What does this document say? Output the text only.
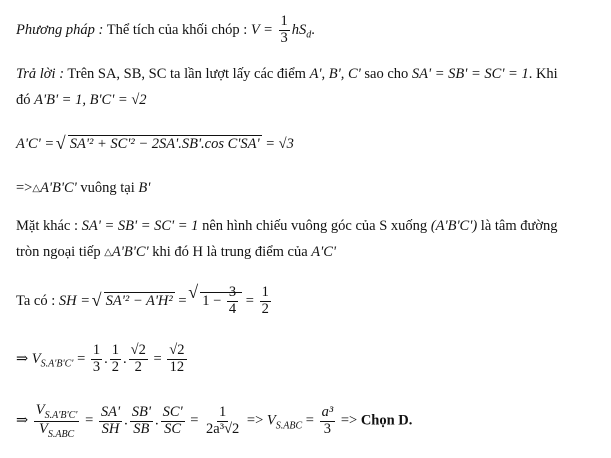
Phương pháp : Thể tích của khối chóp : $V = \frac{1}{3} hS_d$.
Trả lời : Trên SA, SB, SC ta lần lượt lấy các điểm A', B', C' sao cho SA' = SB' = SC' = 1. Khi
đó A'B' = 1, B'C' = √2
A'C' = √ SA'² + SC'² − 2SA'.SB'.cos C'SA' = √3
=>△A'B'C' vuông tại B'
Mặt khác : SA' = SB' = SC' = 1 nên hình chiếu vuông góc của S xuống (A'B'C') là tâm đường
tròn ngoại tiếp △A'B'C' khi đó H là trung điểm của A'C'
Ta có : SH = √ SA'² − A'H² = √ $1 - \frac{3}{4} = \frac{1}{2}$
⇒ $V_{S.A'B'C'} = \frac{1}{3}$ . $\frac{1}{2}$ . $\frac{√2}{2} = \frac{√2}{12}$
⇒ $\frac{V_{S.A'B'C'}}{V_{S.ABC}} = \frac{SA'}{SH}$ . $\frac{SB'}{SB}$ . $\frac{SC'}{SC} = \frac{1}{\text{2a³√2}} => V_{S.ABC} = \frac{\text{a³}}{3}$ => Chọn D.
